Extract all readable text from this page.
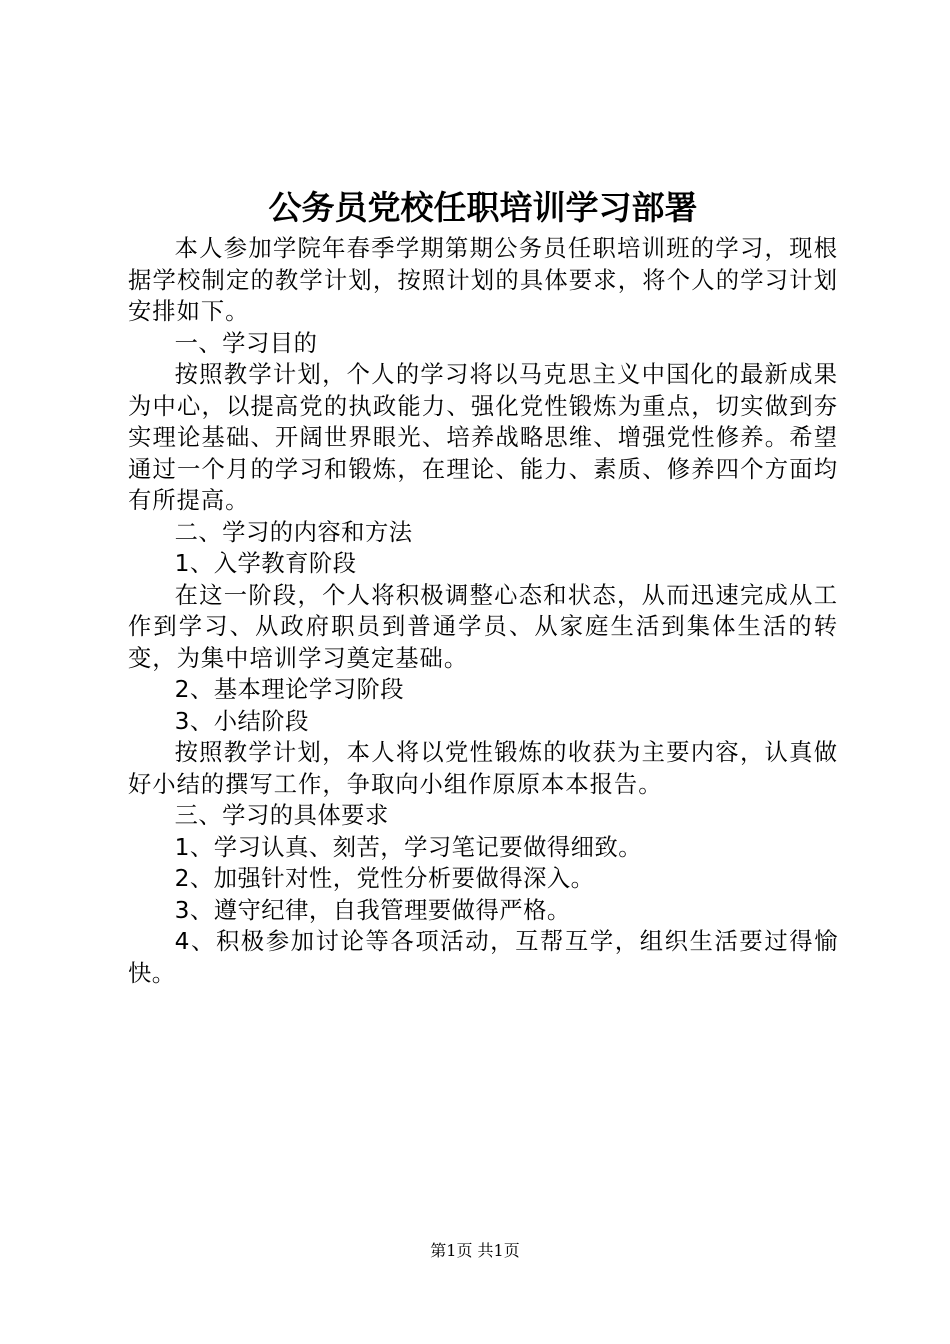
公务员党校任职培训学习部署

本人参加学院年春季学期第期公务员任职培训班的学习，现根据学校制定的教学计划，按照计划的具体要求，将个人的学习计划安排如下。

一、学习目的

按照教学计划，个人的学习将以马克思主义中国化的最新成果为中心，以提高党的执政能力、强化党性锻炼为重点，切实做到夯实理论基础、开阔世界眼光、培养战略思维、增强党性修养。希望通过一个月的学习和锻炼，在理论、能力、素质、修养四个方面均有所提高。

二、学习的内容和方法

1、入学教育阶段

在这一阶段，个人将积极调整心态和状态，从而迅速完成从工作到学习、从政府职员到普通学员、从家庭生活到集体生活的转变，为集中培训学习奠定基础。

2、基本理论学习阶段

3、小结阶段

按照教学计划，本人将以党性锻炼的收获为主要内容，认真做好小结的撰写工作，争取向小组作原原本本报告。

三、学习的具体要求

1、学习认真、刻苦，学习笔记要做得细致。

2、加强针对性，党性分析要做得深入。

3、遵守纪律，自我管理要做得严格。

4、积极参加讨论等各项活动，互帮互学，组织生活要过得愉快。

第1页 共1页
